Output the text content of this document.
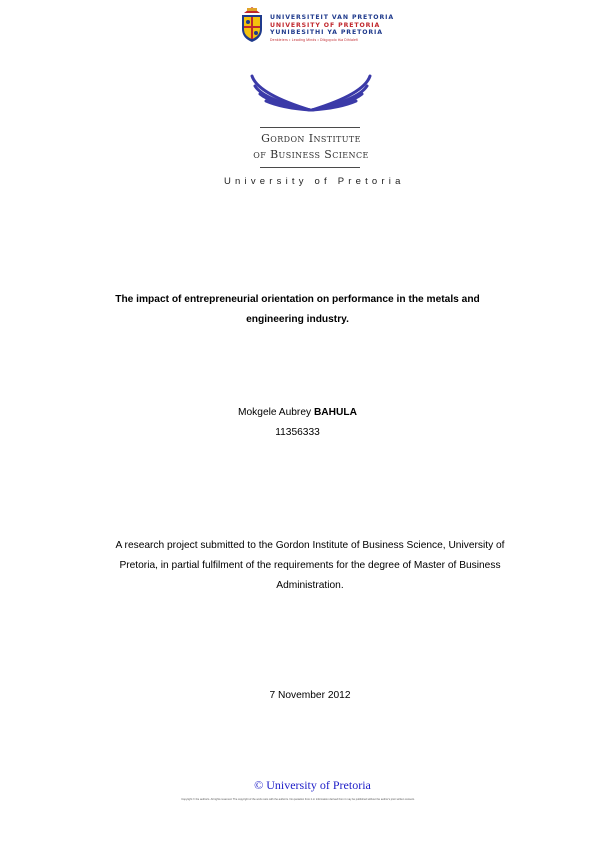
UNIVERSITEIT VAN PRETORIA
UNIVERSITY OF PRETORIA
YUNIBESITHI YA PRETORIA
Denkleiers • Leading Minds • Dikgopolo tša Dihlalefi
Gordon Institute
of Business Science
University of Pretoria
The impact of entrepreneurial orientation on performance in the metals and
engineering industry.
Mokgele Aubrey BAHULA
11356333
A research project submitted to the Gordon Institute of Business Science, University of
Pretoria, in partial fulfilment of the requirements for the degree of Master of Business
Administration.
7 November 2012
© University of Pretoria
Copyright © the author/s. All rights reserved. The copyright of the work rests with the author/s. No quotation from it or information derived from it may be published without the author's prior written consent.
